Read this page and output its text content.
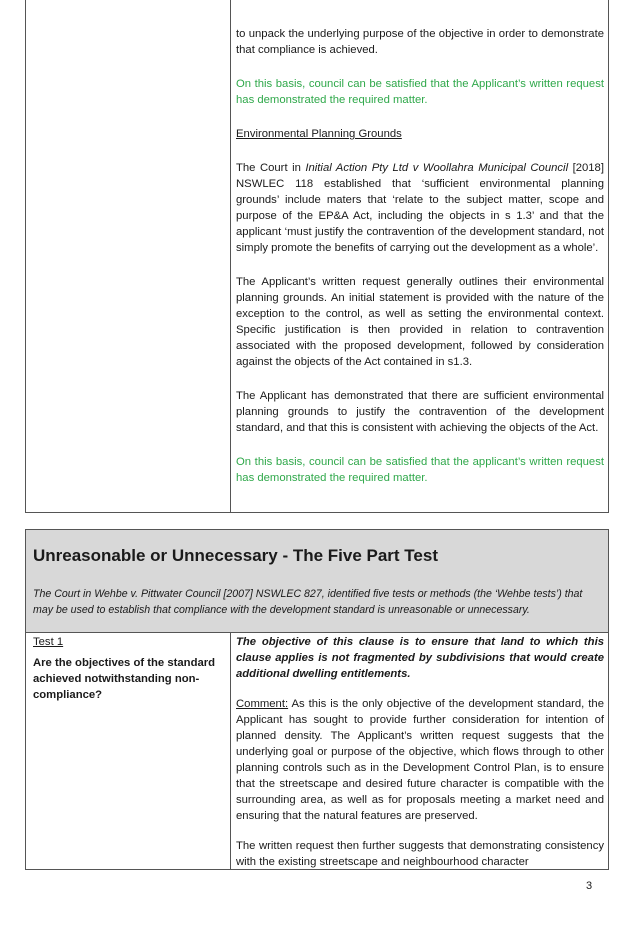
to unpack the underlying purpose of the objective in order to demonstrate that compliance is achieved.

On this basis, council can be satisfied that the Applicant’s written request has demonstrated the required matter.

Environmental Planning Grounds

The Court in Initial Action Pty Ltd v Woollahra Municipal Council [2018] NSWLEC 118 established that ‘sufficient environmental planning grounds’ include maters that ‘relate to the subject matter, scope and purpose of the EP&A Act, including the objects in s 1.3’ and that the applicant ‘must justify the contravention of the development standard, not simply promote the benefits of carrying out the development as a whole’.

The Applicant’s written request generally outlines their environmental planning grounds. An initial statement is provided with the nature of the exception to the control, as well as setting the environmental context. Specific justification is then provided in relation to contravention associated with the proposed development, followed by consideration against the objects of the Act contained in s1.3.

The Applicant has demonstrated that there are sufficient environmental planning grounds to justify the contravention of the development standard, and that this is consistent with achieving the objects of the Act.

On this basis, council can be satisfied that the applicant’s written request has demonstrated the required matter.

Unreasonable or Unnecessary - The Five Part Test

The Court in Wehbe v. Pittwater Council [2007] NSWLEC 827, identified five tests or methods (the ‘Wehbe tests’) that may be used to establish that compliance with the development standard is unreasonable or unnecessary.

Test 1
Are the objectives of the standard achieved notwithstanding non-compliance?

The objective of this clause is to ensure that land to which this clause applies is not fragmented by subdivisions that would create additional dwelling entitlements.

Comment: As this is the only objective of the development standard, the Applicant has sought to provide further consideration for intention of planned density. The Applicant’s written request suggests that the underlying goal or purpose of the objective, which flows through to other planning controls such as in the Development Control Plan, is to ensure that the streetscape and desired future character is compatible with the surrounding area, as well as for proposals meeting a market need and ensuring that the natural features are preserved.

The written request then further suggests that demonstrating consistency with the existing streetscape and neighbourhood character

3
